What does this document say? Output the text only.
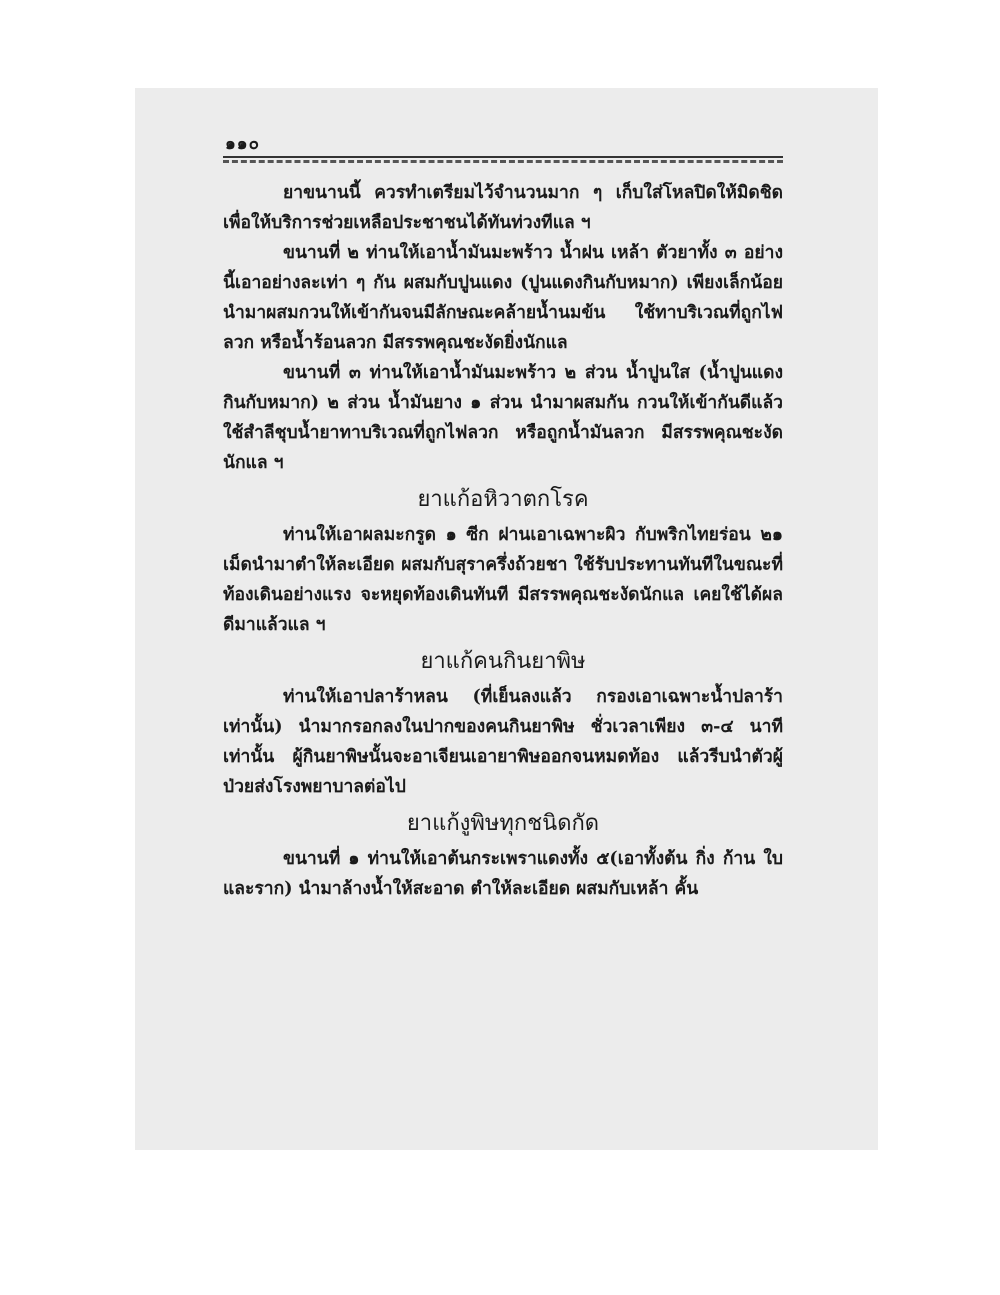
๑๑๐

ยาขนานนี้ ควรทำเตรียมไว้จำนวนมาก ๆ เก็บใส่โหลปิดให้มิดชิด เพื่อให้บริการช่วยเหลือประชาชนได้ทันท่วงทีแล ฯ

ขนานที่ ๒ ท่านให้เอาน้ำมันมะพร้าว น้ำฝน เหล้า ตัวยาทั้ง ๓ อย่างนี้เอาอย่างละเท่า ๆ กัน ผสมกับปูนแดง (ปูนแดงกินกับหมาก) เพียงเล็กน้อย นำมาผสมกวนให้เข้ากันจนมีลักษณะคล้ายน้ำนมข้น ใช้ทาบริเวณที่ถูกไฟลวก หรือน้ำร้อนลวก มีสรรพคุณชะงัดยิ่งนักแล

ขนานที่ ๓ ท่านให้เอาน้ำมันมะพร้าว ๒ ส่วน น้ำปูนใส (น้ำปูนแดงกินกับหมาก) ๒ ส่วน น้ำมันยาง ๑ ส่วน นำมาผสมกัน กวนให้เข้ากันดีแล้ว ใช้สำลีชุบน้ำยาทาบริเวณที่ถูกไฟลวก หรือถูกน้ำมันลวก มีสรรพคุณชะงัดนักแล ฯ

ยาแก้อหิวาตกโรค

ท่านให้เอาผลมะกรูด ๑ ซีก ฝานเอาเฉพาะผิว กับพริกไทยร่อน ๒๑ เม็ดนำมาตำให้ละเอียด ผสมกับสุราครึ่งถ้วยชา ใช้รับประทานทันทีในขณะที่ท้องเดินอย่างแรง จะหยุดท้องเดินทันที มีสรรพคุณชะงัดนักแล เคยใช้ได้ผลดีมาแล้วแล ฯ

ยาแก้คนกินยาพิษ

ท่านให้เอาปลาร้าหลน (ที่เย็นลงแล้ว กรองเอาเฉพาะน้ำปลาร้าเท่านั้น) นำมากรอกลงในปากของคนกินยาพิษ ชั่วเวลาเพียง ๓-๔ นาทีเท่านั้น ผู้กินยาพิษนั้นจะอาเจียนเอายาพิษออกจนหมดท้อง แล้วรีบนำตัวผู้ป่วยส่งโรงพยาบาลต่อไป

ยาแก้งูพิษทุกชนิดกัด

ขนานที่ ๑ ท่านให้เอาต้นกระเพราแดงทั้ง ๕(เอาทั้งต้น กิ่ง ก้าน ใบ และราก) นำมาล้างน้ำให้สะอาด ตำให้ละเอียด ผสมกับเหล้า คั้น
